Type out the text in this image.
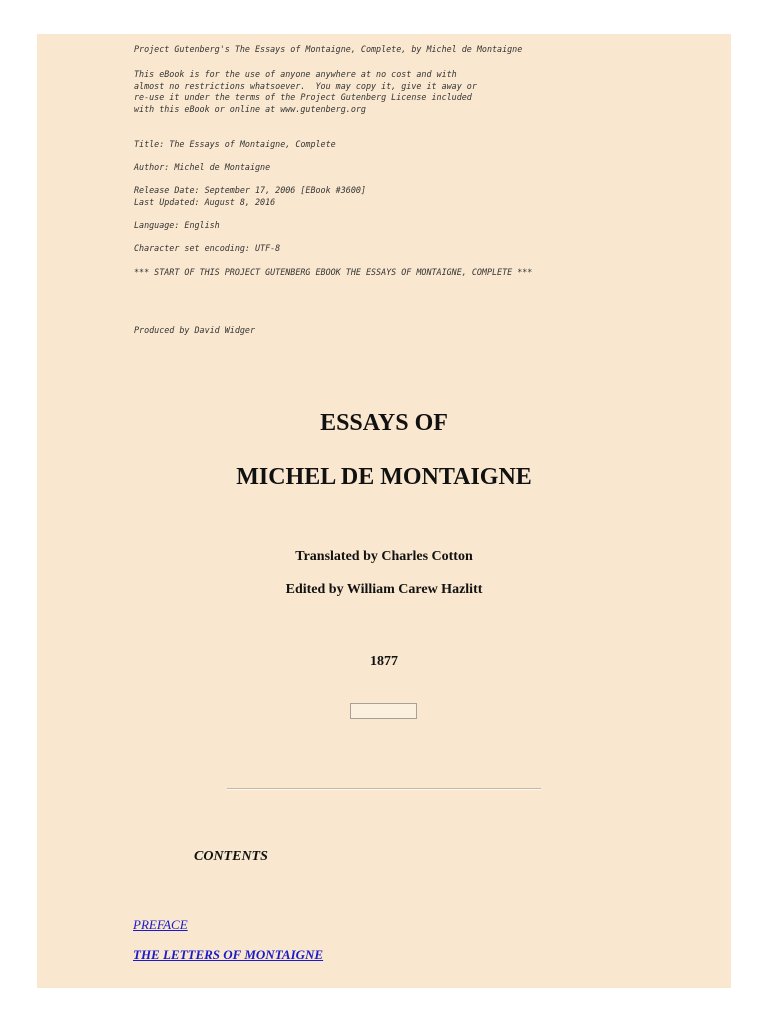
Project Gutenberg's The Essays of Montaigne, Complete, by Michel de Montaigne

This eBook is for the use of anyone anywhere at no cost and with

almost no restrictions whatsoever.  You may copy it, give it away or

re-use it under the terms of the Project Gutenberg License included

with this eBook or online at www.gutenberg.org

Title: The Essays of Montaigne, Complete

Author: Michel de Montaigne

Release Date: September 17, 2006 [EBook #3600]

Last Updated: August 8, 2016

Language: English

Character set encoding: UTF-8

*** START OF THIS PROJECT GUTENBERG EBOOK THE ESSAYS OF MONTAIGNE, COMPLETE ***

Produced by David Widger

ESSAYS OF
MICHEL DE MONTAIGNE
Translated by Charles Cotton
Edited by William Carew Hazlitt
1877
CONTENTS
PREFACE
THE LETTERS OF MONTAIGNE
